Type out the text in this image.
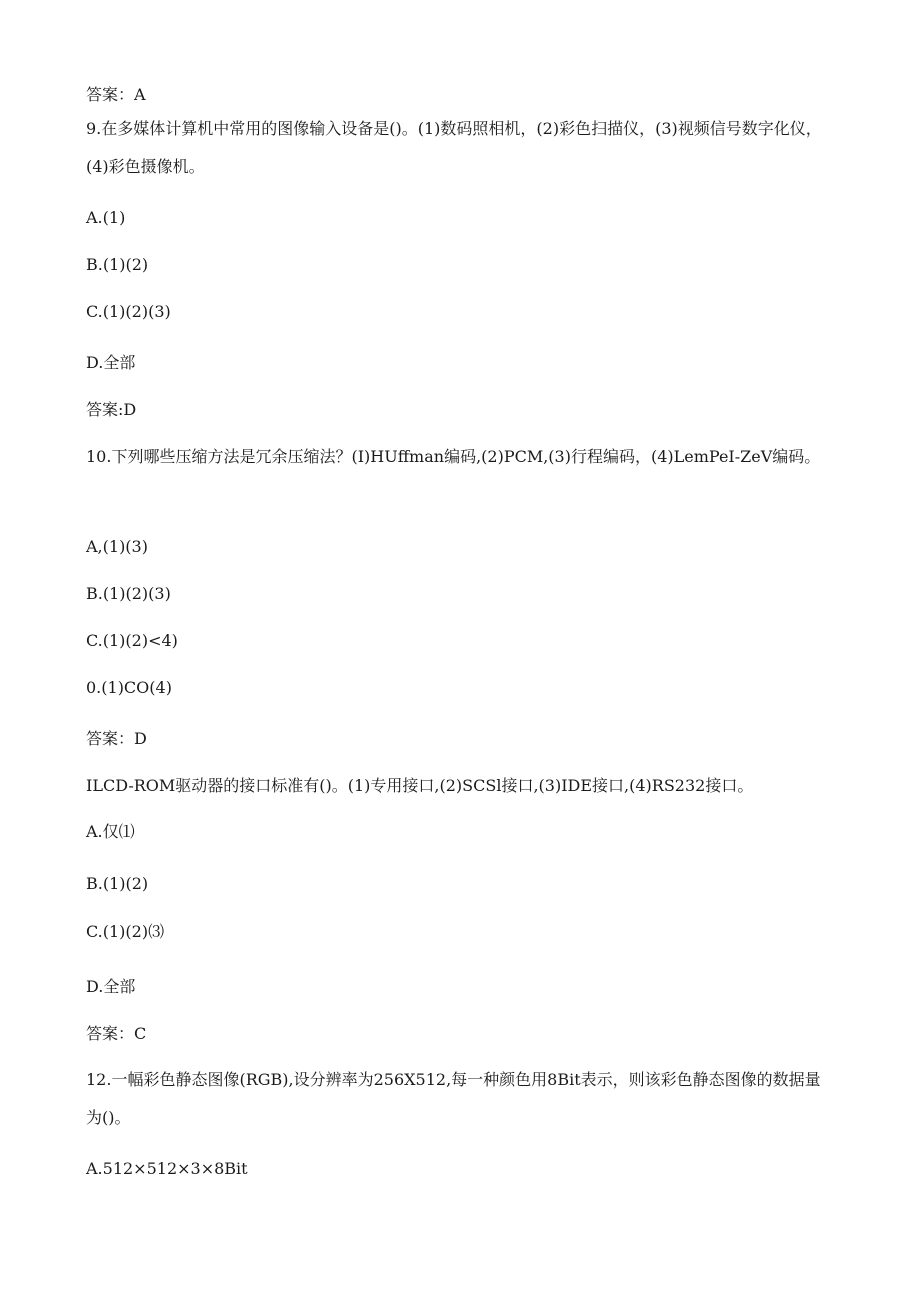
答案：A
9.在多媒体计算机中常用的图像输入设备是()。(1)数码照相机，(2)彩色扫描仪，(3)视频信号数字化仪，(4)彩色摄像机。
A.(1)
B.(1)(2)
C.(1)(2)(3)
D.全部
答案:D
10.下列哪些压缩方法是冗余压缩法？(I)HUffman编码,(2)PCM,(3)行程编码，(4)LemPeI-ZeV编码。
A,(1)(3)
B.(1)(2)(3)
C.(1)(2)<4)
0.(1)CO(4)
答案：D
ILCD-ROM驱动器的接口标准有()。(1)专用接口,(2)SCSl接口,(3)IDE接口,(4)RS232接口。
A.仅⑴
B.(1)(2)
C.(1)(2)⑶
D.全部
答案：C
12.一幅彩色静态图像(RGB),设分辨率为256X512,每一种颜色用8Bit表示，则该彩色静态图像的数据量为()。
A.512×512×3×8Bit
